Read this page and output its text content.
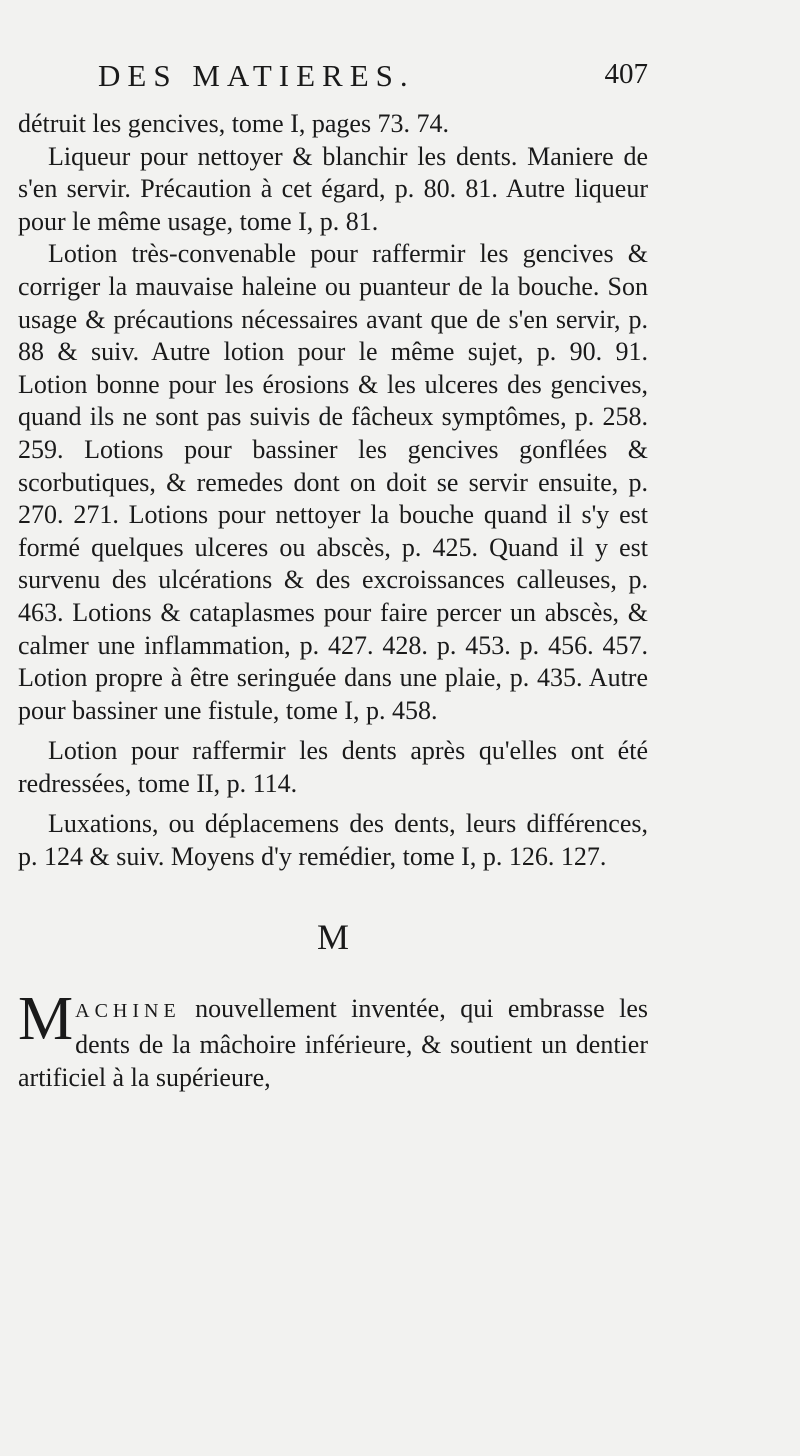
DES MATIERES.	407

détruit les gencives, tome I, pages 73. 74.

Liqueur pour nettoyer & blanchir les dents. Maniere de s'en servir. Précaution à cet égard, p. 80. 81. Autre liqueur pour le même usage, tome I, p. 81.

Lotion très-convenable pour raffermir les gencives & corriger la mauvaise haleine ou puanteur de la bouche. Son usage & précautions nécessaires avant que de s'en servir, p. 88 & suiv. Autre lotion pour le même sujet, p. 90. 91. Lotion bonne pour les érosions & les ulceres des gencives, quand ils ne sont pas suivis de fâcheux symptômes, p. 258. 259. Lotions pour bassiner les gencives gonflées & scorbutiques, & remedes dont on doit se servir ensuite, p. 270. 271. Lotions pour nettoyer la bouche quand il s'y est formé quelques ulceres ou abscès, p. 425. Quand il y est survenu des ulcérations & des excroissances calleuses, p. 463. Lotions & cataplasmes pour faire percer un abscès, & calmer une inflammation, p. 427. 428. p. 453. p. 456. 457. Lotion propre à être seringuée dans une plaie, p. 435. Autre pour bassiner une fistule, tome I, p. 458.

Lotion pour raffermir les dents après qu'elles ont été redressées, tome II, p. 114.

Luxations, ou déplacemens des dents, leurs différences, p. 124 & suiv. Moyens d'y remédier, tome I, p. 126. 127.

M

MACHINE nouvellement inventée, qui embrasse les dents de la mâchoire inférieure, & soutient un dentier artificiel à la supérieure,
